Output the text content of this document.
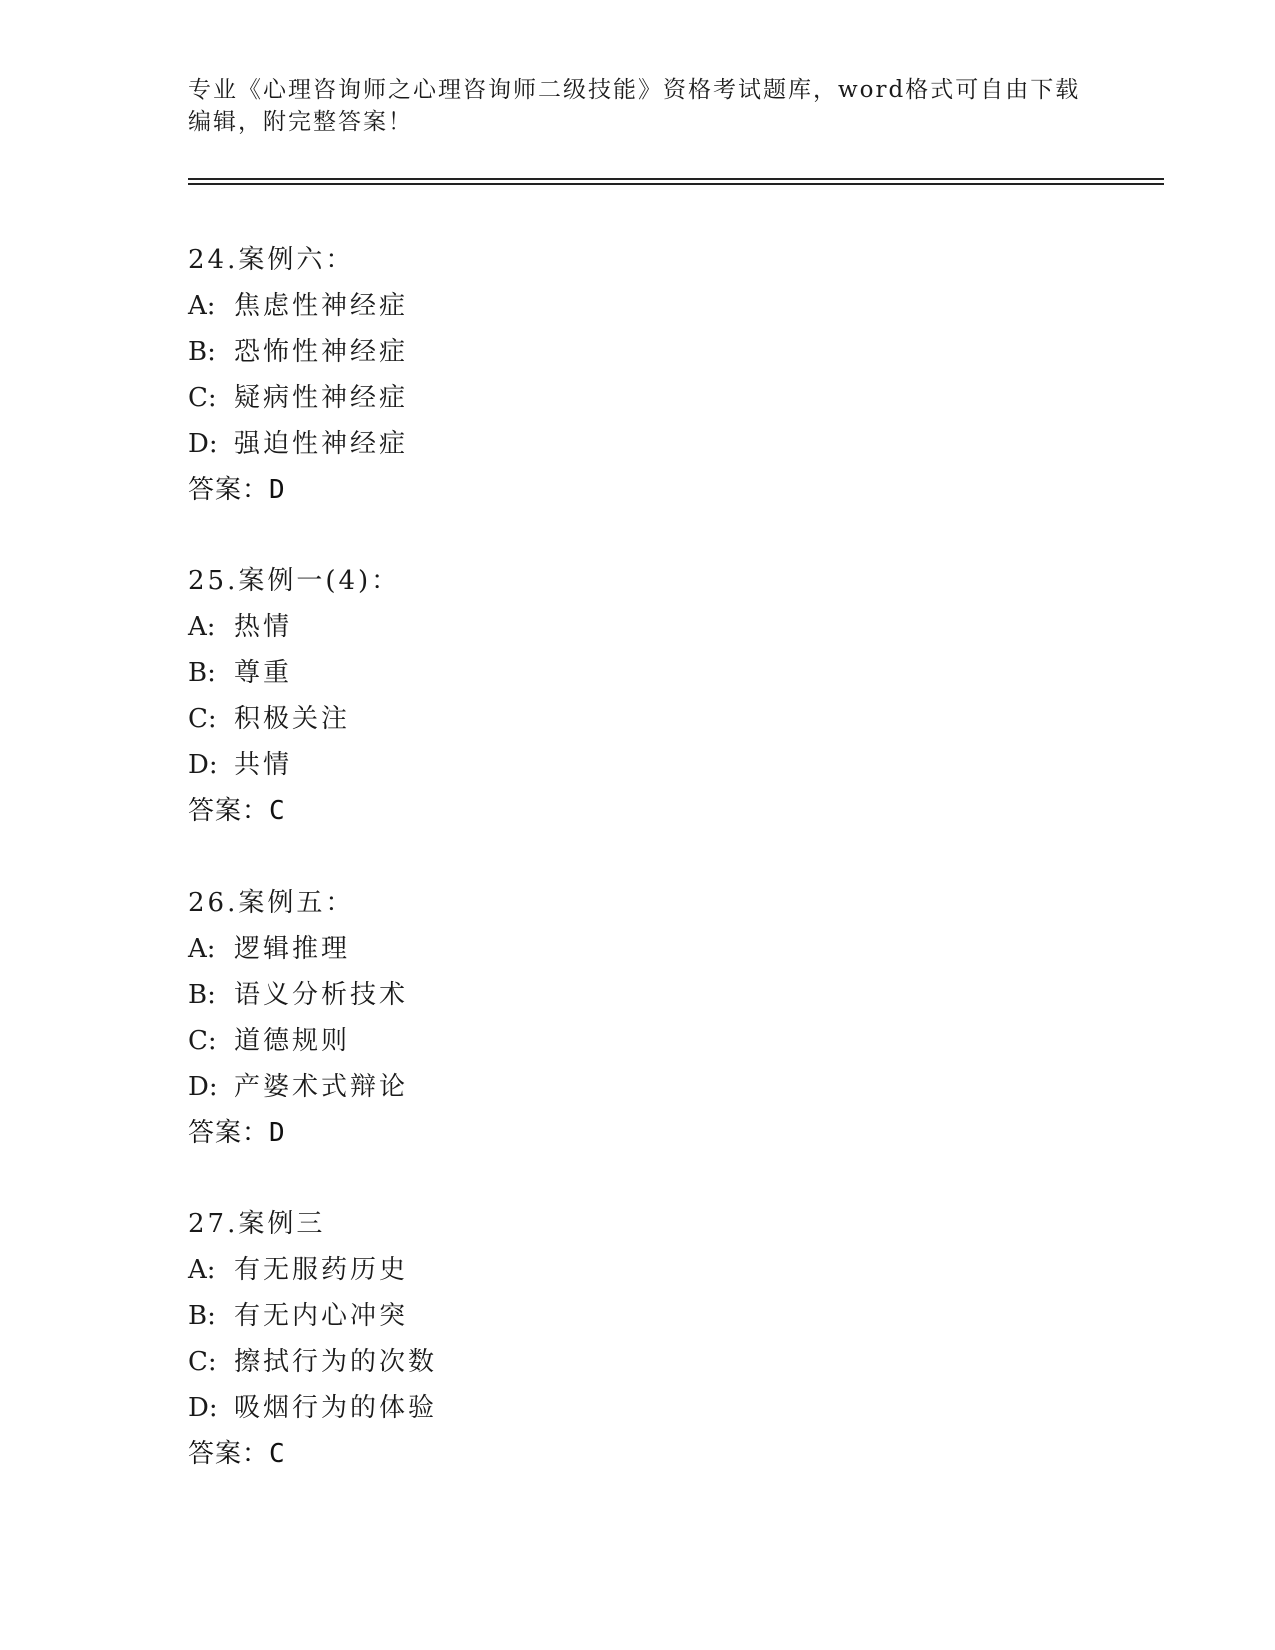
专业《心理咨询师之心理咨询师二级技能》资格考试题库，word格式可自由下载
编辑，附完整答案！
24.案例六：
A: 焦虑性神经症
B: 恐怖性神经症
C: 疑病性神经症
D: 强迫性神经症
答案：D
25.案例一(4)：
A: 热情
B: 尊重
C: 积极关注
D: 共情
答案：C
26.案例五：
A: 逻辑推理
B: 语义分析技术
C: 道德规则
D: 产婆术式辩论
答案：D
27.案例三
A: 有无服药历史
B: 有无内心冲突
C: 擦拭行为的次数
D: 吸烟行为的体验
答案：C
